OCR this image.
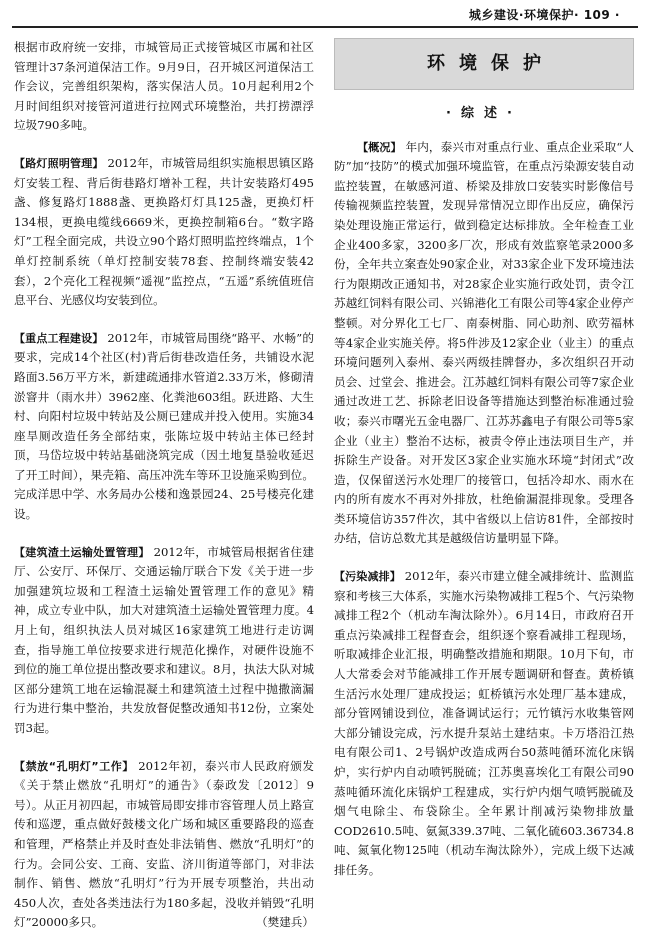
城乡建设·环境保护· 109 ·

根据市政府统一安排，市城管局正式接管城区市属和社区管理计37条河道保洁工作。9月9日，召开城区河道保洁工作会议，完善组织架构，落实保洁人员。10月起利用2个月时间组织对接管河道进行拉网式环境整治，共打捞漂浮垃圾790多吨。

【路灯照明管理】 2012年，市城管局组织实施根思镇区路灯安装工程、背后街巷路灯增补工程，共计安装路灯495盏、修复路灯1888盏、更换路灯灯具125盏，更换灯杆134根，更换电缆线6669米，更换控制箱6台。“数字路灯”工程全面完成，共设立90个路灯照明监控终端点，1个单灯控制系统（单灯控制安装78套、控制终端安装42套），2个亮化工程视频“遥视”监控点，“五遥”系统值班信息平台、光感仪均安装到位。

【重点工程建设】 2012年，市城管局围绕“路平、水畅”的要求，完成14个社区(村)背后街巷改造任务，共铺设水泥路面3.56万平方米，新建疏通排水管道2.33万米，修砌清淤窨井（雨水井）3962座、化粪池603组。跃进路、大生村、向阳村垃圾中转站及公厕已建成并投入使用。实施34座旱厕改造任务全部结束，张陈垃圾中转站主体已经封顶，马岱垃圾中转站基础浇筑完成（因土地复垦验收延迟了开工时间），果壳箱、高压冲洗车等环卫设施采购到位。完成洋思中学、水务局办公楼和逸景园24、25号楼亮化建设。

【建筑渣土运输处置管理】 2012年，市城管局根据省住建厅、公安厅、环保厅、交通运输厅联合下发《关于进一步加强建筑垃圾和工程渣土运输处置管理工作的意见》精神，成立专业中队，加大对建筑渣土运输处置管理力度。4月上旬，组织执法人员对城区16家建筑工地进行走访调查，指导施工单位按要求进行规范化操作，对硬件设施不到位的施工单位提出整改要求和建议。8月，执法大队对城区部分建筑工地在运输混凝土和建筑渣土过程中抛撒滴漏行为进行集中整治，共发放督促整改通知书12份，立案处罚3起。

【禁放“孔明灯”工作】 2012年初，泰兴市人民政府颁发《关于禁止燃放“孔明灯”的通告》（泰政发〔2012〕9号）。从正月初四起，市城管局即安排市容管理人员上路宣传和巡逻，重点做好鼓楼文化广场和城区重要路段的巡查和管理，严格禁止并及时查处非法销售、燃放“孔明灯”的行为。会同公安、工商、安监、济川街道等部门，对非法制作、销售、燃放“孔明灯”行为开展专项整治，共出动450人次，查处各类违法行为180多起，没收并销毁“孔明灯”20000多只。	（樊建兵）

环境保护
·综述·

【概况】 年内，泰兴市对重点行业、重点企业采取“人防”加“技防”的模式加强环境监管，在重点污染源安装自动监控装置，在敏感河道、桥梁及排放口安装实时影像信号传输视频监控装置，发现异常情况立即作出反应，确保污染处理设施正常运行，做到稳定达标排放。全年检查工业企业400多家，3200多厂次，形成有效监察笔录2000多份，全年共立案查处90家企业，对33家企业下发环境违法行为限期改正通知书，对28家企业实施行政处罚，责令江苏越红饲料有限公司、兴锦港化工有限公司等4家企业停产整顿。对分界化工七厂、南泰树脂、同心助剂、欧劳福林等4家企业实施关停。将5件涉及12家企业（业主）的重点环境问题列入泰州、泰兴两级挂牌督办，多次组织召开动员会、过堂会、推进会。江苏越红饲料有限公司等7家企业通过改进工艺、拆除老旧设备等措施达到整治标准通过验收；泰兴市曙光五金电器厂、江苏苏鑫电子有限公司等5家企业（业主）整治不达标，被责令停止违法项目生产，并拆除生产设备。对开发区3家企业实施水环境“封闭式”改造，仅保留送污水处理厂的接管口，包括冷却水、雨水在内的所有废水不再对外排放，杜绝偷漏混排现象。受理各类环境信访357件次，其中省级以上信访81件，全部按时办结，信访总数尤其是越级信访量明显下降。

【污染减排】 2012年，泰兴市建立健全减排统计、监测监察和考核三大体系，实施水污染物减排工程5个、气污染物减排工程2个（机动车淘汰除外）。6月14日，市政府召开重点污染减排工程督查会，组织逐个察看减排工程现场，听取减排企业汇报，明确整改措施和期限。10月下旬，市人大常委会对节能减排工作开展专题调研和督查。黄桥镇生活污水处理厂建成投运；虹桥镇污水处理厂基本建成，部分管网铺设到位，准备调试运行；元竹镇污水收集管网大部分铺设完成，污水提升泵站土建结束。卡万塔沿江热电有限公司1、2号锅炉改造成两台50蒸吨循环流化床锅炉，实行炉内自动喷钙脱硫；江苏奥喜埃化工有限公司90蒸吨循环流化床锅炉工程建成，实行炉内烟气喷钙脱硫及烟气电除尘、布袋除尘。全年累计削减污染物排放量COD2610.5吨、氨氮339.37吨、二氧化硫603.36734.8吨、氮氧化物125吨（机动车淘汰除外），完成上级下达减排任务。
